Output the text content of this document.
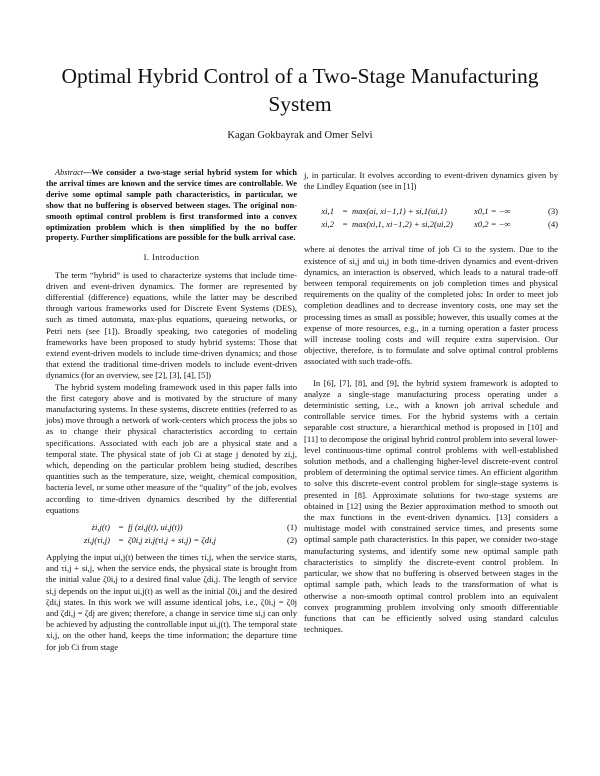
Optimal Hybrid Control of a Two-Stage Manufacturing System
Kagan Gokbayrak and Omer Selvi

Abstract—We consider a two-stage serial hybrid system for which the arrival times are known and the service times are controllable. We derive some optimal sample path characteristics, in particular, we show that no buffering is observed between stages. The original non-smooth optimal control problem is first transformed into a convex optimization problem which is then simplified by the no buffer property. Further simplifications are possible for the bulk arrival case.

I. Introduction

The term “hybrid” is used to characterize systems that include time-driven and event-driven dynamics. The former are represented by differential (difference) equations, while the latter may be described through various frameworks used for Discrete Event Systems (DES), such as timed automata, max-plus equations, queueing networks, or Petri nets (see [1]). Broadly speaking, two categories of modeling frameworks have been proposed to study hybrid systems: Those that extend event-driven models to include time-driven dynamics; and those that extend the traditional time-driven models to include event-driven dynamics (for an overview, see [2], [3], [4], [5])

The hybrid system modeling framework used in this paper falls into the first category above and is motivated by the structure of many manufacturing systems. In these systems, discrete entities (referred to as jobs) move through a network of work-centers which process the jobs so as to change their physical characteristics according to certain specifications. Associated with each job are a physical state and a temporal state. The physical state of job Ci at stage j denoted by zi,j, which, depending on the particular problem being studied, describes quantities such as the temperature, size, weight, chemical composition, bacteria level, or some other measure of the “quality” of the job, evolves according to time-driven dynamics described by the differential equations

żi,j(t) = fj (zi,j(t), ui,j(t))	(1)
zi,j(τi,j) = ζ0i,j zi,j(τi,j + si,j) = ζdi,j	(2)

Applying the input ui,j(t) between the times τi,j, when the service starts, and τi,j + si,j, when the service ends, the physical state is brought from the initial value ζ0i,j to a desired final value ζdi,j. The length of service si,j depends on the input ui,j(t) as well as the initial ζ0i,j and the desired ζdi,j states. In this work we will assume identical jobs, i.e., ζ0i,j = ζ0j and ζdi,j = ζdj are given; therefore, a change in service time si,j can only be achieved by adjusting the controllable input ui,j(t). The temporal state xi,j, on the other hand, keeps the time information; the departure time for job Ci from stage

j, in particular. It evolves according to event-driven dynamics given by the Lindley Equation (see in [1])

xi,1 = max(ai, xi−1,1) + si,1(ui,1)	x0,1 = −∞	(3)
xi,2 = max(xi,1, xi−1,2) + si,2(ui,2)	x0,2 = −∞	(4)

where ai denotes the arrival time of job Ci to the system. Due to the existence of si,j and ui,j in both time-driven dynamics and event-driven dynamics, an interaction is observed, which leads to a natural trade-off between temporal requirements on job completion times and physical requirements on the quality of the completed jobs: In order to meet job completion deadlines and to decrease inventory costs, one may set the processing times as small as possible; however, this usually comes at the expense of more resources, e.g., in a turning operation a faster process will increase tooling costs and will require extra supervision. Our objective, therefore, is to formulate and solve optimal control problems associated with such trade-offs.

In [6], [7], [8], and [9], the hybrid system framework is adopted to analyze a single-stage manufacturing process operating under a deterministic setting, i.e., with a known job arrival schedule and controllable service times. For the hybrid systems with a certain separable cost structure, a hierarchical method is proposed in [10] and [11] to decompose the original hybrid control problem into several lower-level continuous-time optimal control problems with well-established solution methods, and a challenging higher-level discrete-event control problem of determining the optimal service times. An efficient algorithm to solve this discrete-event control problem for single-stage systems is presented in [8]. Approximate solutions for two-stage systems are obtained in [12] using the Bezier approximation method to smooth out the max functions in the event-driven dynamics. [13] considers a multistage model with constrained service times, and presents some optimal sample path characteristics. In this paper, we consider two-stage manufacturing systems, and identify some new optimal sample path characteristics to simplify the discrete-event control problem. In particular, we show that no buffering is observed between stages in the optimal sample path, which leads to the transformation of what is otherwise a non-smooth optimal control problem into an equivalent convex programming problem involving only smooth differentiable functions that can be efficiently solved using standard calculus techniques.
